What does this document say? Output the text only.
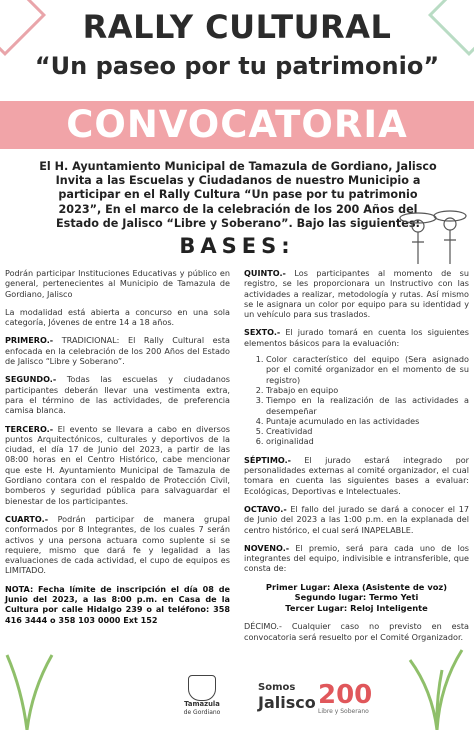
RALLY CULTURAL
“Un paseo por tu patrimonio”
CONVOCATORIA
El H. Ayuntamiento Municipal de Tamazula de Gordiano, Jalisco Invita a las Escuelas y Ciudadanos de nuestro Municipio a participar en el Rally Cultura “Un pase por tu patrimonio 2023”, En el marco de la celebración de los 200 Años del Estado de Jalisco “Libre y Soberano”. Bajo las siguientes:
BASES:

Podrán participar Instituciones Educativas y público en general, pertenecientes al Municipio de Tamazula de Gordiano, Jalisco

La modalidad está abierta a concurso en una sola categoría, Jóvenes de entre 14 a 18 años.

PRIMERO.- TRADICIONAL: El Rally Cultural esta enfocada en la celebración de los 200 Años del Estado de Jalisco “Libre y Soberano”.

SEGUNDO.- Todas las escuelas y ciudadanos participantes deberán llevar una vestimenta extra, para el término de las actividades, de preferencia camisa blanca.

TERCERO.- El evento se llevara a cabo en diversos puntos Arquitectónicos, culturales y deportivos de la ciudad, el día 17 de Junio del 2023, a partir de las 08:00 horas en el Centro Histórico, cabe mencionar que este H. Ayuntamiento Municipal de Tamazula de Gordiano contara con el respaldo de Protección Civil, bomberos y seguridad pública para salvaguardar el bienestar de los participantes.

CUARTO.- Podrán participar de manera grupal conformados por 8 Integrantes, de los cuales 7 serán activos y una persona actuara como suplente si se requiere, mismo que dará fe y legalidad a las evaluaciones de cada actividad, el cupo de equipos es LIMITADO.

NOTA: Fecha límite de inscripción el día 08 de Junio del 2023, a las 8:00 p.m. en Casa de la Cultura por calle Hidalgo 239 o al teléfono: 358 416 3444 o 358 103 0000 Ext 152

QUINTO.- Los participantes al momento de su registro, se les proporcionara un Instructivo con las actividades a realizar, metodología y rutas. Así mismo se le asignara un color por equipo para su identidad y un vehículo para sus traslados.

SEXTO.- El jurado tomará en cuenta los siguientes elementos básicos para la evaluación:

1. Color característico del equipo (Sera asignado por el comité organizador en el momento de su registro)
2. Trabajo en equipo
3. Tiempo en la realización de las actividades a desempeñar
4. Puntaje acumulado en las actividades
5. Creatividad
6. originalidad

SÉPTIMO.- El jurado estará integrado por personalidades externas al comité organizador, el cual tomara en cuenta las siguientes bases a evaluar: Ecológicas, Deportivas e Intelectuales.

OCTAVO.- El fallo del jurado se dará a conocer el 17 de Junio del 2023 a las 1:00 p.m. en la explanada del centro histórico, el cual será INAPELABLE.

NOVENO.- El premio, será para cada uno de los integrantes del equipo, indivisible e intransferible, que consta de:

Primer Lugar: Alexa (Asistente de voz)
Segundo lugar: Termo Yeti
Tercer Lugar: Reloj Inteligente

DÉCIMO.- Cualquier caso no previsto en esta convocatoria será resuelto por el Comité Organizador.

Tamazula
de Gordiano
Somos
Jalisco 200
Libre y Soberano
